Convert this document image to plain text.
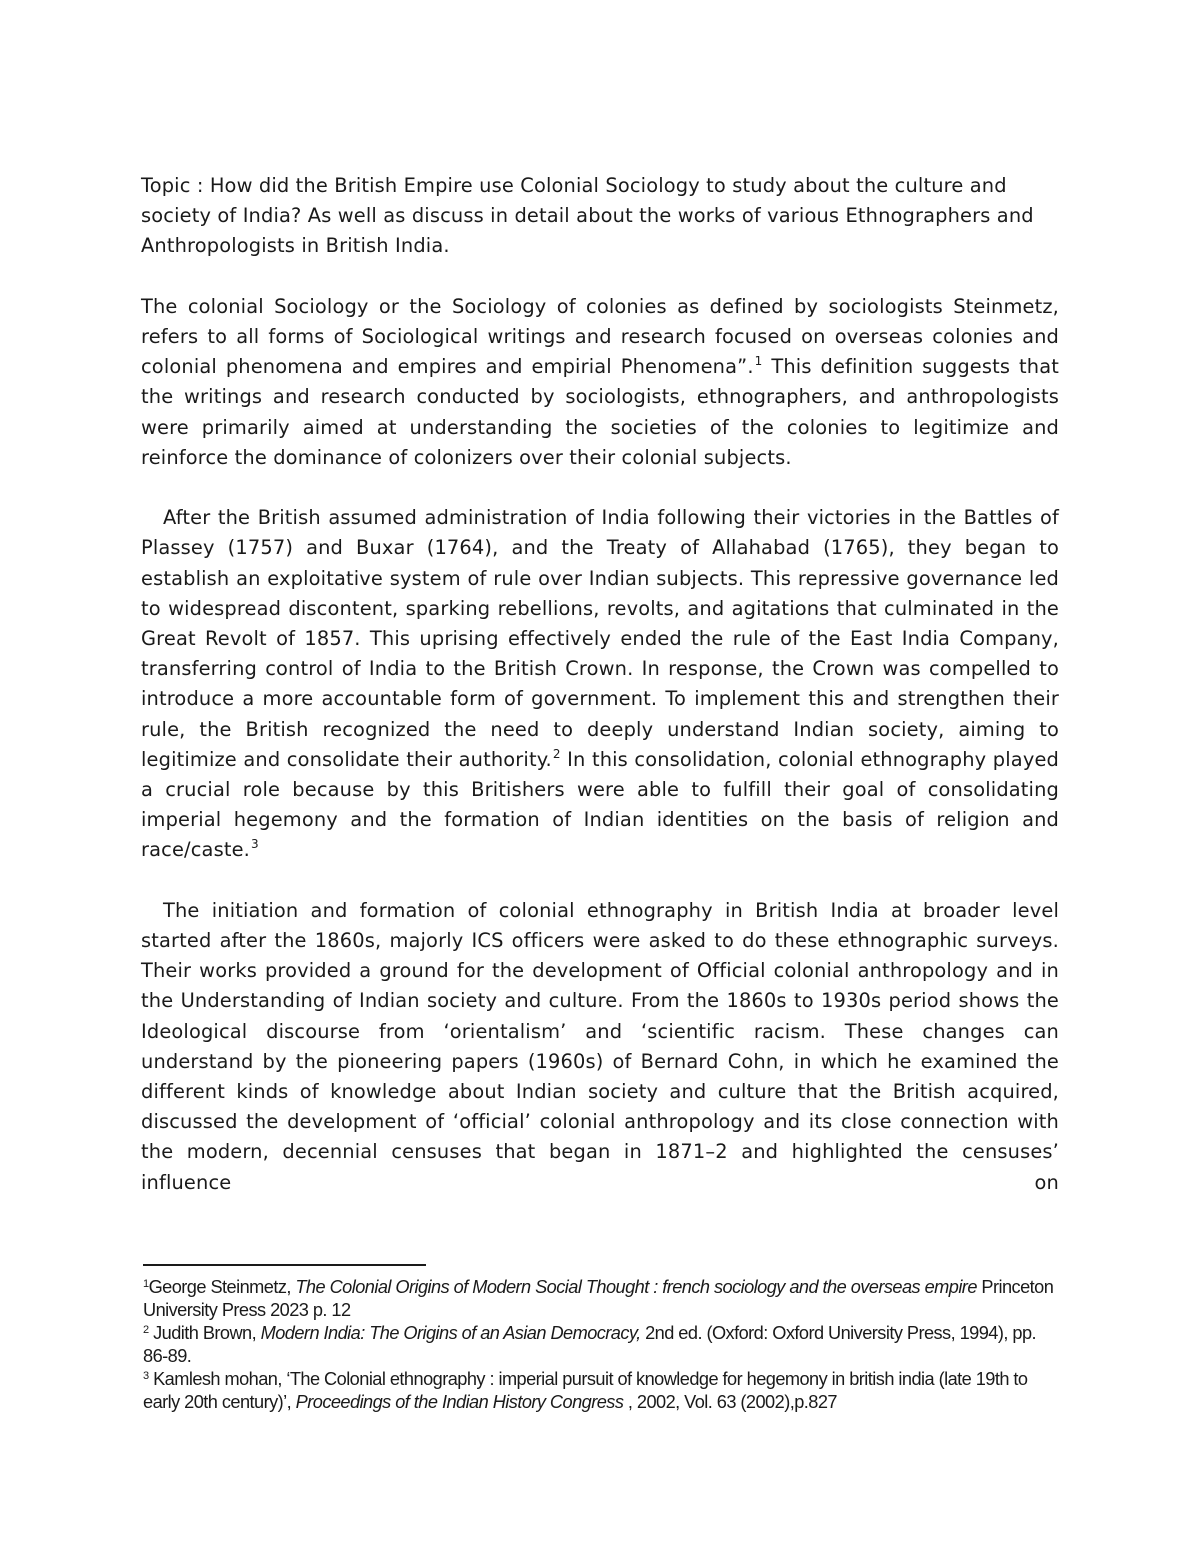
Topic : How did the British Empire use Colonial Sociology to study about the culture and society of India? As well as discuss in detail about the works of various Ethnographers and Anthropologists in British India.

The colonial Sociology or the Sociology of colonies as defined by sociologists Steinmetz, refers to all forms of Sociological writings and research focused on overseas colonies and colonial phenomena and empires and empirial Phenomena”.$^1$ This definition suggests that the writings and research conducted by sociologists, ethnographers, and anthropologists were primarily aimed at understanding the societies of the colonies to legitimize and reinforce the dominance of colonizers over their colonial subjects.

After the British assumed administration of India following their victories in the Battles of Plassey (1757) and Buxar (1764), and the Treaty of Allahabad (1765), they began to establish an exploitative system of rule over Indian subjects. This repressive governance led to widespread discontent, sparking rebellions, revolts, and agitations that culminated in the Great Revolt of 1857. This uprising effectively ended the rule of the East India Company, transferring control of India to the British Crown. In response, the Crown was compelled to introduce a more accountable form of government. To implement this and strengthen their rule, the British recognized the need to deeply understand Indian society, aiming to legitimize and consolidate their authority.$^2$ In this consolidation, colonial ethnography played a crucial role because by this Britishers were able to fulfill their goal of consolidating imperial hegemony and the formation of Indian identities on the basis of religion and race/caste.$^3$

The initiation and formation of colonial ethnography in British India at broader level started after the 1860s, majorly ICS officers were asked to do these ethnographic surveys. Their works provided a ground for the development of Official colonial anthropology and in the Understanding of Indian society and culture. From the 1860s to 1930s period shows the Ideological discourse from ‘orientalism’ and ‘scientific racism. These changes can understand by the pioneering papers (1960s) of Bernard Cohn, in which he examined the different kinds of knowledge about Indian society and culture that the British acquired, discussed the development of ‘official’ colonial anthropology and its close connection with the modern, decennial censuses that began in 1871–2 and highlighted the censuses’ influence on

$^1$George Steinmetz, The Colonial Origins of Modern Social Thought : french sociology and the overseas empire Princeton University Press 2023 p. 12

$^2$ Judith Brown, Modern India: The Origins of an Asian Democracy, 2nd ed. (Oxford: Oxford University Press, 1994), pp. 86-89.

$^3$ Kamlesh mohan, ‘The Colonial ethnography : imperial pursuit of knowledge for hegemony in british india (late 19th to early 20th century)’, Proceedings of the Indian History Congress , 2002, Vol. 63 (2002),p.827
